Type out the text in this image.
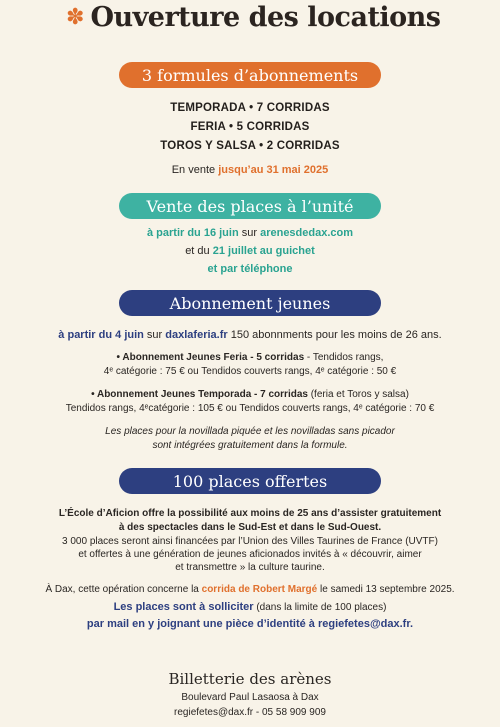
✽ Ouverture des locations
3 formules d’abonnements
TEMPORADA • 7 CORRIDAS
FERIA • 5 CORRIDAS
TOROS Y SALSA • 2 CORRIDAS
En vente jusqu’au 31 mai 2025
Vente des places à l’unité
à partir du 16 juin sur arenesdedax.com
et du 21 juillet au guichet
et par téléphone
Abonnement jeunes
à partir du 4 juin sur daxlaferia.fr 150 abonnments pour les moins de 26 ans.
• Abonnement Jeunes Feria - 5 corridas - Tendidos rangs,
4ᵉ catégorie : 75 € ou Tendidos couverts rangs, 4ᵉ catégorie : 50 €
• Abonnement Jeunes Temporada - 7 corridas (feria et Toros y salsa)
Tendidos rangs, 4ᵉcatégorie : 105 € ou Tendidos couverts rangs, 4ᵉ catégorie : 70 €
Les places pour la novillada piquée et les novilladas sans picador
sont intégrées gratuitement dans la formule.
100 places offertes
L’École d’Aficion offre la possibilité aux moins de 25 ans d’assister gratuitement
à des spectacles dans le Sud-Est et dans le Sud-Ouest.
3 000 places seront ainsi financées par l’Union des Villes Taurines de France (UVTF)
et offertes à une génération de jeunes aficionados invités à « découvrir, aimer
et transmettre » la culture taurine.
À Dax, cette opération concerne la corrida de Robert Margé le samedi 13 septembre 2025.
Les places sont à solliciter (dans la limite de 100 places)
par mail en y joignant une pièce d’identité à regiefetes@dax.fr.
Billetterie des arènes
Boulevard Paul Lasaosa à Dax
regiefetes@dax.fr - 05 58 909 909
